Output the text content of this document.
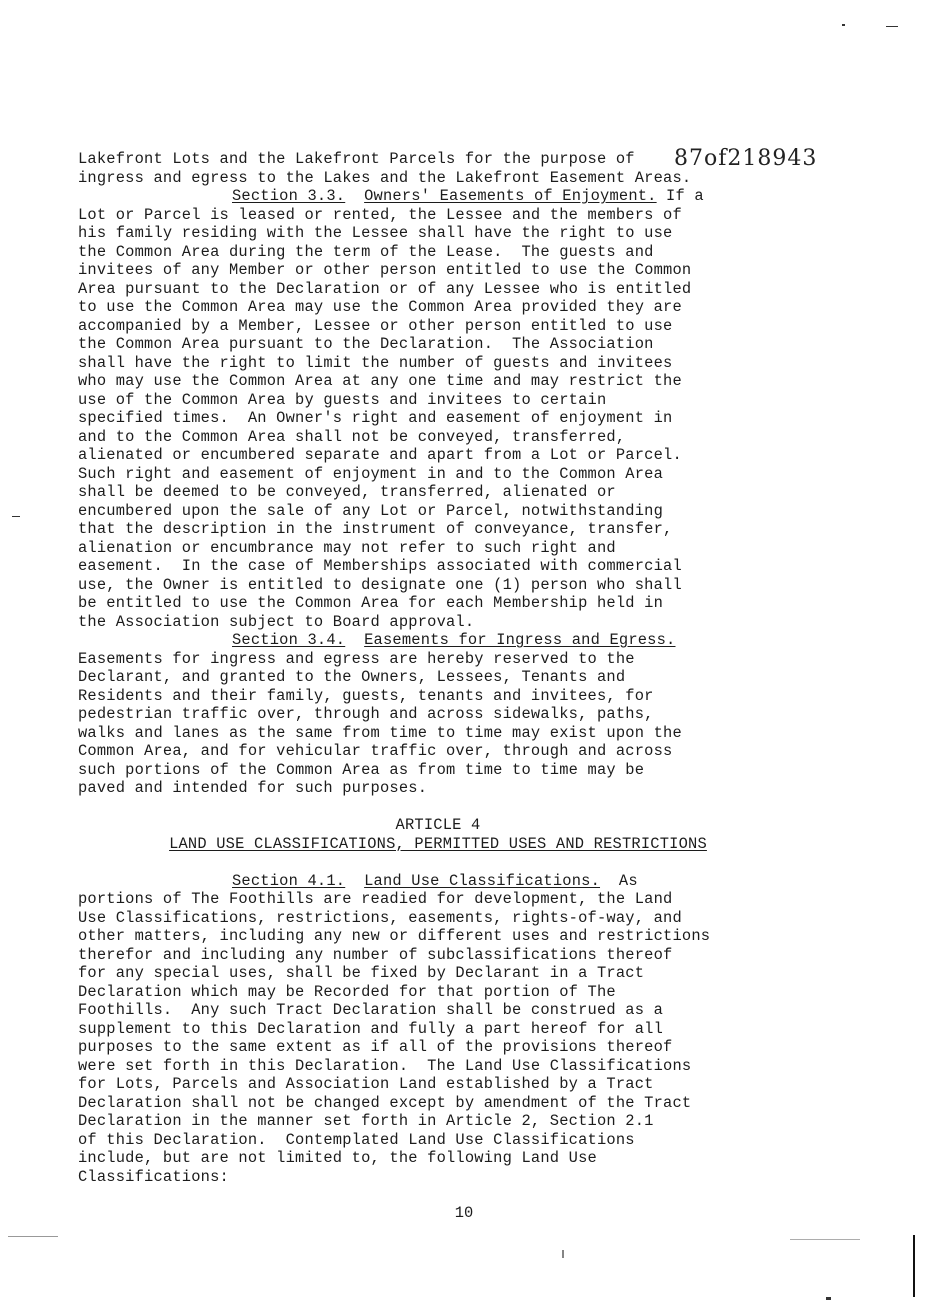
87of218943
Lakefront Lots and the Lakefront Parcels for the purpose of
ingress and egress to the Lakes and the Lakefront Easement Areas.
Section 3.3. Owners' Easements of Enjoyment. If a
Lot or Parcel is leased or rented, the Lessee and the members of
his family residing with the Lessee shall have the right to use
the Common Area during the term of the Lease.  The guests and
invitees of any Member or other person entitled to use the Common
Area pursuant to the Declaration or of any Lessee who is entitled
to use the Common Area may use the Common Area provided they are
accompanied by a Member, Lessee or other person entitled to use
the Common Area pursuant to the Declaration.  The Association
shall have the right to limit the number of guests and invitees
who may use the Common Area at any one time and may restrict the
use of the Common Area by guests and invitees to certain
specified times.  An Owner's right and easement of enjoyment in
and to the Common Area shall not be conveyed, transferred,
alienated or encumbered separate and apart from a Lot or Parcel.
Such right and easement of enjoyment in and to the Common Area
shall be deemed to be conveyed, transferred, alienated or
encumbered upon the sale of any Lot or Parcel, notwithstanding
that the description in the instrument of conveyance, transfer,
alienation or encumbrance may not refer to such right and
easement.  In the case of Memberships associated with commercial
use, the Owner is entitled to designate one (1) person who shall
be entitled to use the Common Area for each Membership held in
the Association subject to Board approval.
Section 3.4. Easements for Ingress and Egress.
Easements for ingress and egress are hereby reserved to the
Declarant, and granted to the Owners, Lessees, Tenants and
Residents and their family, guests, tenants and invitees, for
pedestrian traffic over, through and across sidewalks, paths,
walks and lanes as the same from time to time may exist upon the
Common Area, and for vehicular traffic over, through and across
such portions of the Common Area as from time to time may be
paved and intended for such purposes.
ARTICLE 4
LAND USE CLASSIFICATIONS, PERMITTED USES AND RESTRICTIONS
Section 4.1. Land Use Classifications.  As
portions of The Foothills are readied for development, the Land
Use Classifications, restrictions, easements, rights-of-way, and
other matters, including any new or different uses and restrictions
therefor and including any number of subclassifications thereof
for any special uses, shall be fixed by Declarant in a Tract
Declaration which may be Recorded for that portion of The
Foothills.  Any such Tract Declaration shall be construed as a
supplement to this Declaration and fully a part hereof for all
purposes to the same extent as if all of the provisions thereof
were set forth in this Declaration.  The Land Use Classifications
for Lots, Parcels and Association Land established by a Tract
Declaration shall not be changed except by amendment of the Tract
Declaration in the manner set forth in Article 2, Section 2.1
of this Declaration.  Contemplated Land Use Classifications
include, but are not limited to, the following Land Use
Classifications:
10
